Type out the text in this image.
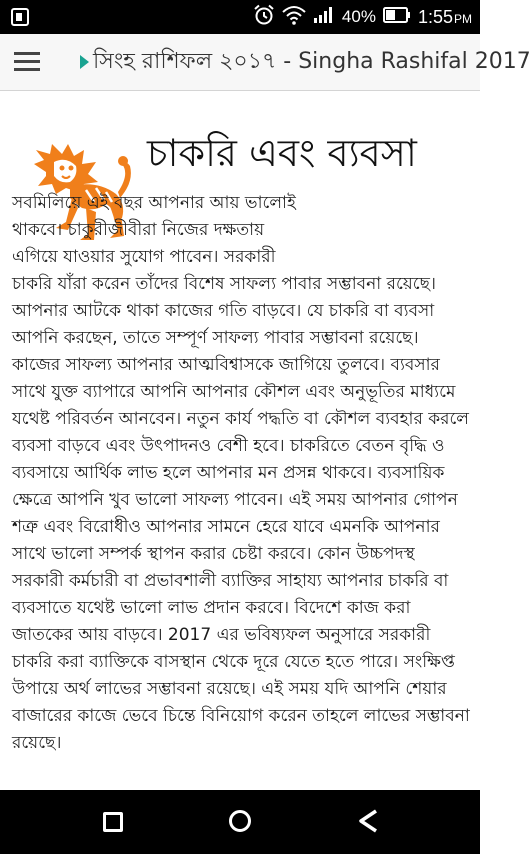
40% 1:55PM
সিংহ রাশিফল ২০১৭ - Singha Rashifal 2017
চাকরি এবং ব্যবসা
সবমিলিয়ে এই বছর আপনার আয় ভালোই
থাকবে। চাকুরীজীবীরা নিজের দক্ষতায়
এগিয়ে যাওয়ার সুযোগ পাবেন। সরকারী
চাকরি যাঁরা করেন তাঁদের বিশেষ সাফল্য পাবার সম্ভাবনা রয়েছে। আপনার আটকে থাকা কাজের গতি বাড়বে। যে চাকরি বা ব্যবসা আপনি করছেন, তাতে সম্পূর্ণ সাফল্য পাবার সম্ভাবনা রয়েছে। কাজের সাফল্য আপনার আত্মবিশ্বাসকে জাগিয়ে তুলবে। ব্যবসার সাথে যুক্ত ব্যাপারে আপনি আপনার কৌশল এবং অনুভূতির মাধ্যমে যথেষ্ট পরিবর্তন আনবেন। নতুন কার্য পদ্ধতি বা কৌশল ব্যবহার করলে ব্যবসা বাড়বে এবং উৎপাদনও বেশী হবে। চাকরিতে বেতন বৃদ্ধি ও ব্যবসায়ে আর্থিক লাভ হলে আপনার মন প্রসন্ন থাকবে। ব্যবসায়িক ক্ষেত্রে আপনি খুব ভালো সাফল্য পাবেন। এই সময় আপনার গোপন শত্রু এবং বিরোধীও আপনার সামনে হেরে যাবে এমনকি আপনার সাথে ভালো সম্পর্ক স্থাপন করার চেষ্টা করবে। কোন উচ্চপদস্থ সরকারী কর্মচারী বা প্রভাবশালী ব্যাক্তির সাহায্য আপনার চাকরি বা ব্যবসাতে যথেষ্ট ভালো লাভ প্রদান করবে। বিদেশে কাজ করা জাতকের আয় বাড়বে। 2017 এর ভবিষ্যফল অনুসারে সরকারী চাকরি করা ব্যাক্তিকে বাসস্থান থেকে দূরে যেতে হতে পারে। সংক্ষিপ্ত উপায়ে অর্থ লাভের সম্ভাবনা রয়েছে। এই সময় যদি আপনি শেয়ার বাজারের কাজে ভেবে চিন্তে বিনিয়োগ করেন তাহলে লাভের সম্ভাবনা রয়েছে।
